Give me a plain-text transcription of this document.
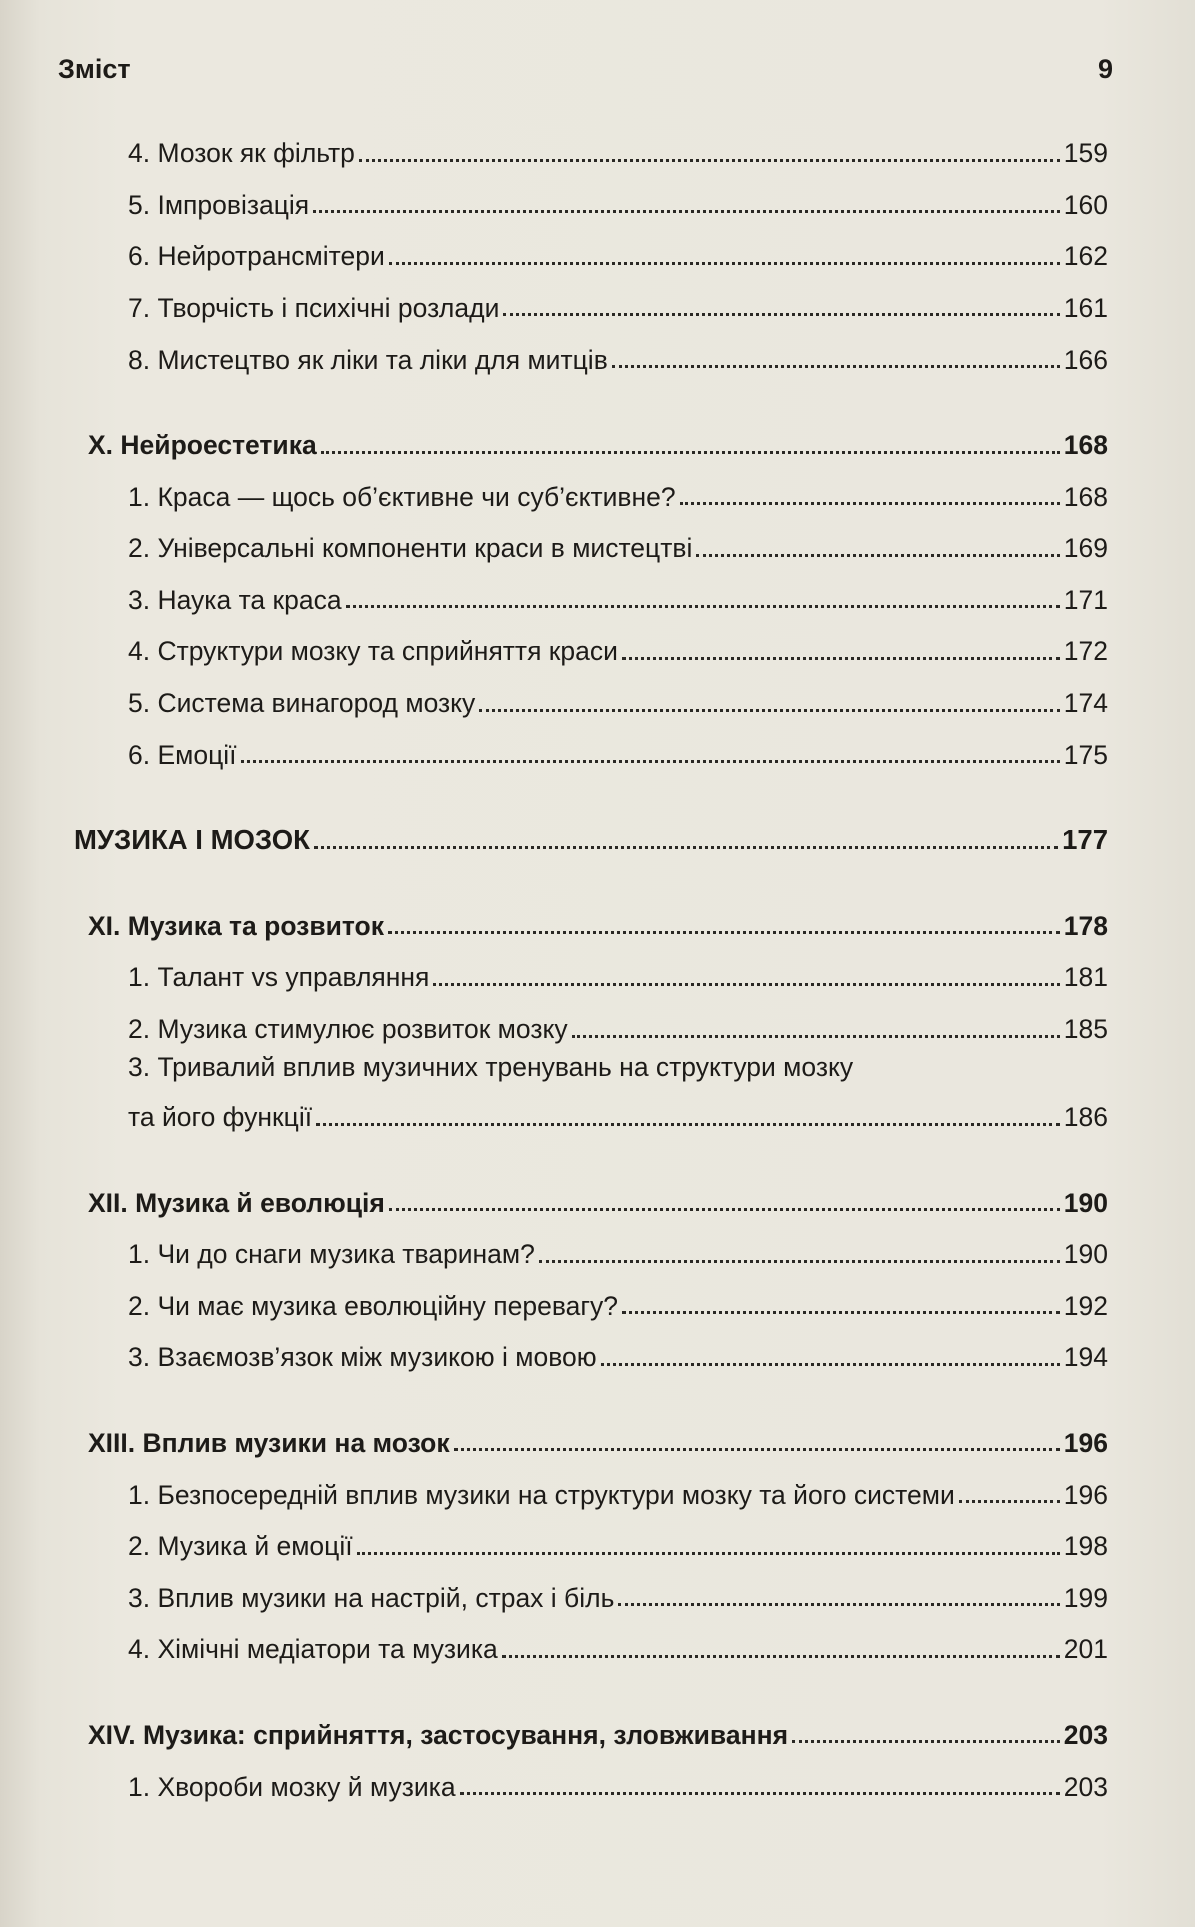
Зміст	9
4. Мозок як фільтр	159
5. Імпровізація	160
6. Нейротрансмітери	162
7. Творчість і психічні розлади	161
8. Мистецтво як ліки та ліки для митців	166
X. Нейроестетика	168
1. Краса — щось об’єктивне чи суб’єктивне?	168
2. Універсальні компоненти краси в мистецтві	169
3. Наука та краса	171
4. Структури мозку та сприйняття краси	172
5. Система винагород мозку	174
6. Емоції	175
МУЗИКА І МОЗОК	177
XI. Музика та розвиток	178
1. Талант vs управляння	181
2. Музика стимулює розвиток мозку	185
3. Тривалий вплив музичних тренувань на структури мозку
та його функції	186
XII. Музика й еволюція	190
1. Чи до снаги музика тваринам?	190
2. Чи має музика еволюційну перевагу?	192
3. Взаємозв’язок між музикою і мовою	194
XIII. Вплив музики на мозок	196
1. Безпосередній вплив музики на структури мозку та його системи	196
2. Музика й емоції	198
3. Вплив музики на настрій, страх і біль	199
4. Хімічні медіатори та музика	201
XIV. Музика: сприйняття, застосування, зловживання	203
1. Хвороби мозку й музика	203
